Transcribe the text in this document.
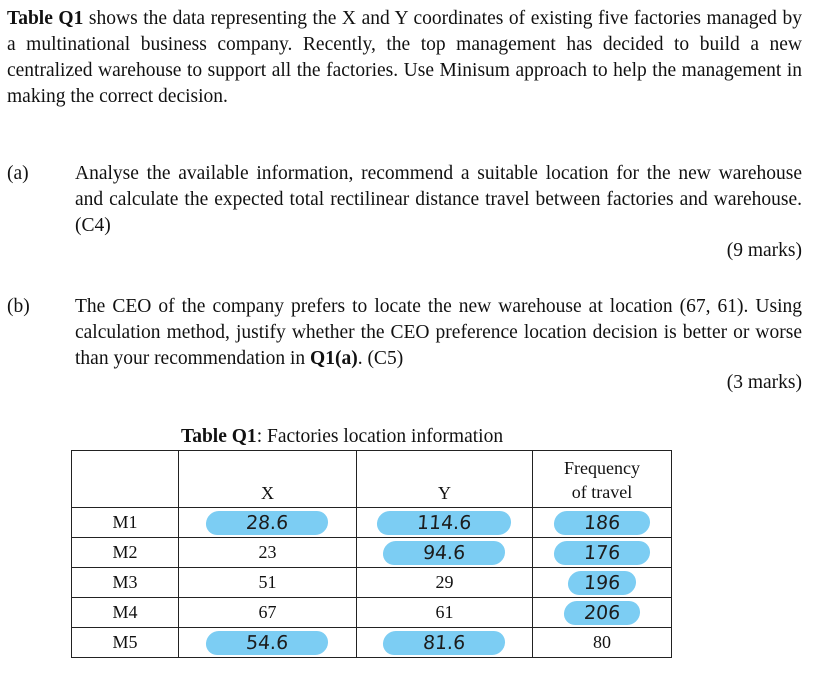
Table Q1 shows the data representing the X and Y coordinates of existing five factories managed by a multinational business company. Recently, the top management has decided to build a new centralized warehouse to support all the factories. Use Minisum approach to help the management in making the correct decision.
(a) Analyse the available information, recommend a suitable location for the new warehouse and calculate the expected total rectilinear distance travel between factories and warehouse. (C4)
(9 marks)
(b) The CEO of the company prefers to locate the new warehouse at location (67, 61). Using calculation method, justify whether the CEO preference location decision is better or worse than your recommendation in Q1(a). (C5)
(3 marks)
Table Q1: Factories location information
	X	Y	Frequency
of travel
M1	28.6	114.6	186
M2	23	94.6	176
M3	51	29	196
M4	67	61	206
M5	54.6	81.6	80
